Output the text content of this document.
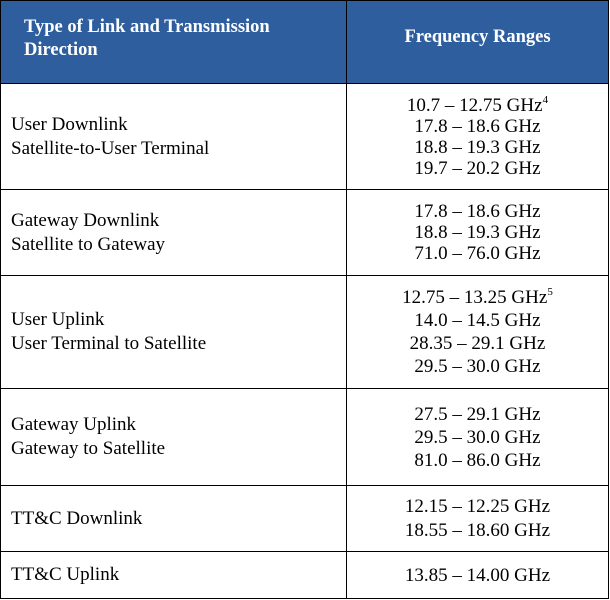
Type of Link and Transmission Direction	Frequency Ranges

User Downlink
Satellite-to-User Terminal	10.7 – 12.75 GHz$^4$
17.8 – 18.6 GHz
18.8 – 19.3 GHz
19.7 – 20.2 GHz

Gateway Downlink
Satellite to Gateway	17.8 – 18.6 GHz
18.8 – 19.3 GHz
71.0 – 76.0 GHz

User Uplink
User Terminal to Satellite	12.75 – 13.25 GHz$^5$
14.0 – 14.5 GHz
28.35 – 29.1 GHz
29.5 – 30.0 GHz

Gateway Uplink
Gateway to Satellite	27.5 – 29.1 GHz
29.5 – 30.0 GHz
81.0 – 86.0 GHz

TT&C Downlink	12.15 – 12.25 GHz
18.55 – 18.60 GHz

TT&C Uplink	13.85 – 14.00 GHz
